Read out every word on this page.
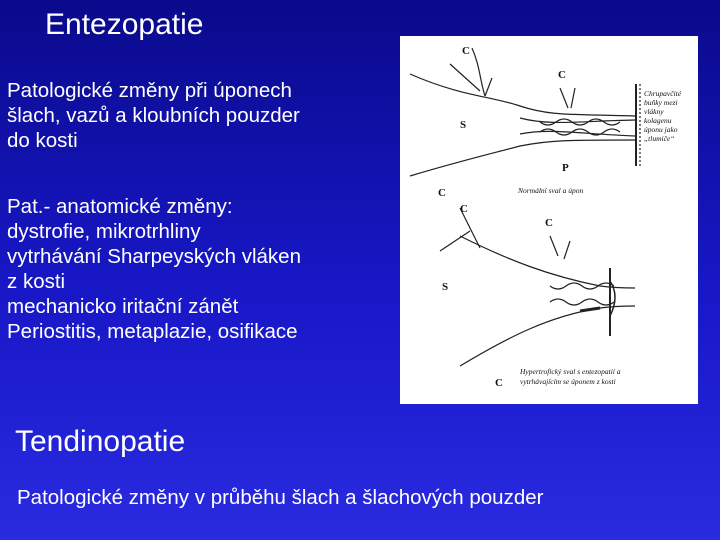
Entezopatie
Patologické změny při úponech
šlach, vazů a kloubních pouzder
do kosti
Pat.- anatomické změny:
dystrofie, mikrotrhliny
vytrhávání Sharpeyských vláken
z kosti
mechanicko iritační zánět
Periostitis, metaplazie, osifikace
C
C
S
P
C
C
C
S
C
Normální sval a úpon
Chrupavčité
buňky mezi
vlákny
kolagenu
úponu jako
„tlumiče“
Hypertrofický sval s entezopatií a
vytrhávajícím se úponem z kosti
Tendinopatie
Patologické změny v průběhu šlach a šlachových pouzder
